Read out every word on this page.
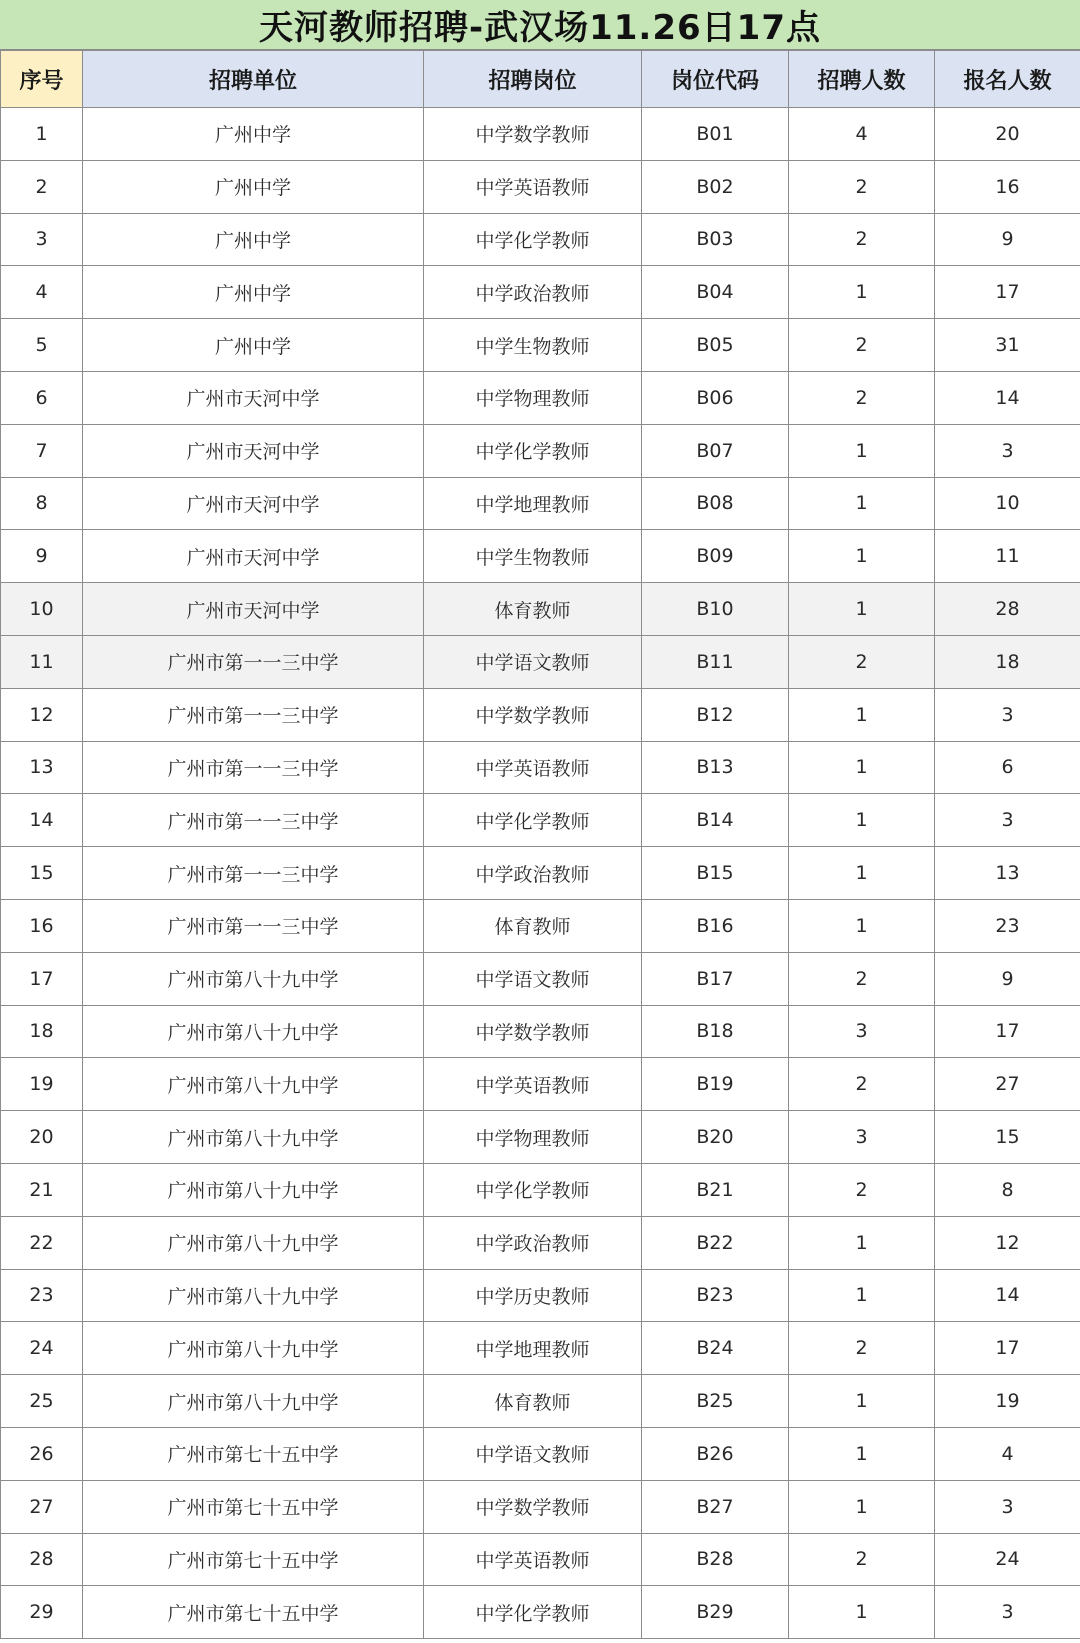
天河教师招聘-武汉场11.26日17点
序号	招聘单位	招聘岗位	岗位代码	招聘人数	报名人数
1	广州中学	中学数学教师	B01	4	20
2	广州中学	中学英语教师	B02	2	16
3	广州中学	中学化学教师	B03	2	9
4	广州中学	中学政治教师	B04	1	17
5	广州中学	中学生物教师	B05	2	31
6	广州市天河中学	中学物理教师	B06	2	14
7	广州市天河中学	中学化学教师	B07	1	3
8	广州市天河中学	中学地理教师	B08	1	10
9	广州市天河中学	中学生物教师	B09	1	11
10	广州市天河中学	体育教师	B10	1	28
11	广州市第一一三中学	中学语文教师	B11	2	18
12	广州市第一一三中学	中学数学教师	B12	1	3
13	广州市第一一三中学	中学英语教师	B13	1	6
14	广州市第一一三中学	中学化学教师	B14	1	3
15	广州市第一一三中学	中学政治教师	B15	1	13
16	广州市第一一三中学	体育教师	B16	1	23
17	广州市第八十九中学	中学语文教师	B17	2	9
18	广州市第八十九中学	中学数学教师	B18	3	17
19	广州市第八十九中学	中学英语教师	B19	2	27
20	广州市第八十九中学	中学物理教师	B20	3	15
21	广州市第八十九中学	中学化学教师	B21	2	8
22	广州市第八十九中学	中学政治教师	B22	1	12
23	广州市第八十九中学	中学历史教师	B23	1	14
24	广州市第八十九中学	中学地理教师	B24	2	17
25	广州市第八十九中学	体育教师	B25	1	19
26	广州市第七十五中学	中学语文教师	B26	1	4
27	广州市第七十五中学	中学数学教师	B27	1	3
28	广州市第七十五中学	中学英语教师	B28	2	24
29	广州市第七十五中学	中学化学教师	B29	1	3
